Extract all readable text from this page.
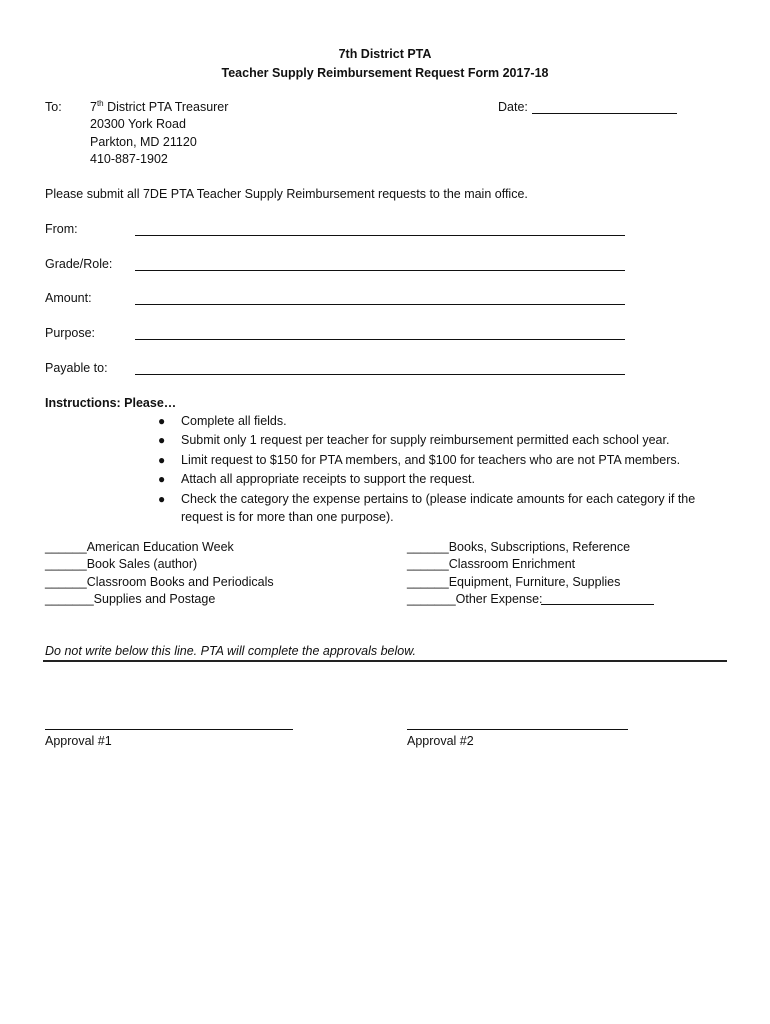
7th District PTA
Teacher Supply Reimbursement Request Form 2017-18
To: 7th District PTA Treasurer
20300 York Road
Parkton, MD 21120
410-887-1902
Date:
Please submit all 7DE PTA Teacher Supply Reimbursement requests to the main office.
From:
Grade/Role:
Amount:
Purpose:
Payable to:
Instructions: Please…
● Complete all fields.
● Submit only 1 request per teacher for supply reimbursement permitted each school year.
● Limit request to $150 for PTA members, and $100 for teachers who are not PTA members.
● Attach all appropriate receipts to support the request.
● Check the category the expense pertains to (please indicate amounts for each category if the
request is for more than one purpose).
______American Education Week
______Book Sales (author)
______Classroom Books and Periodicals
_______Supplies and Postage
______Books, Subscriptions, Reference
______Classroom Enrichment
______Equipment, Furniture, Supplies
_______Other Expense:
Do not write below this line. PTA will complete the approvals below.
Approval #1	Approval #2
